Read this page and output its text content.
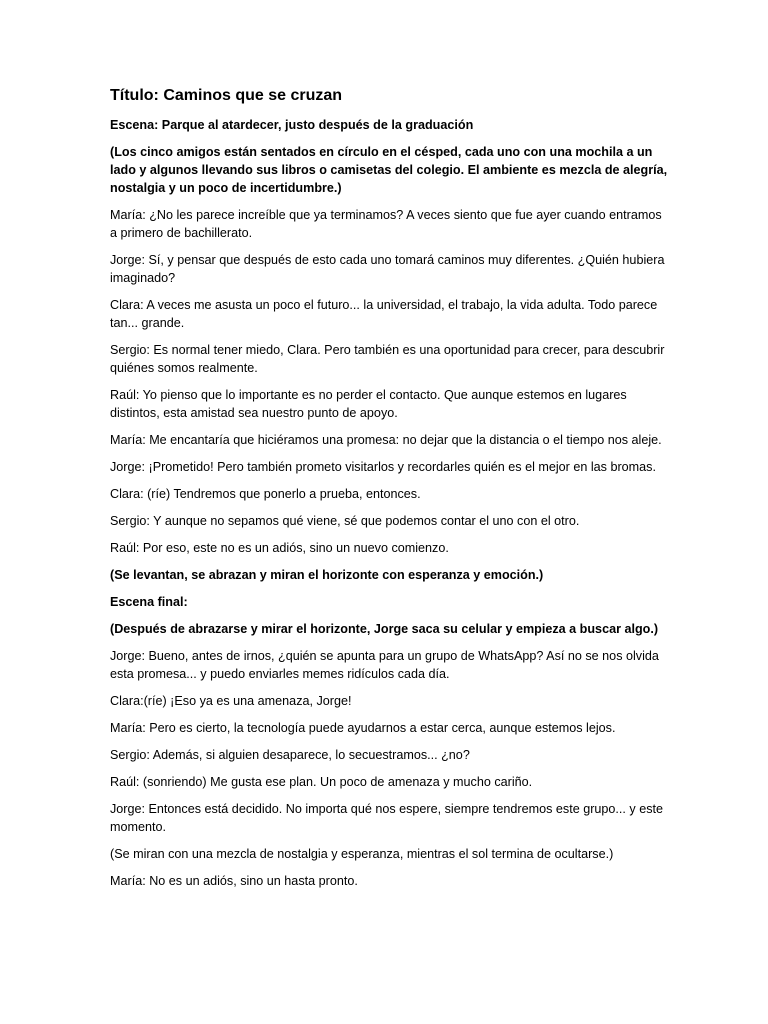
Título: Caminos que se cruzan

Escena: Parque al atardecer, justo después de la graduación

(Los cinco amigos están sentados en círculo en el césped, cada uno con una mochila a un lado y algunos llevando sus libros o camisetas del colegio. El ambiente es mezcla de alegría, nostalgia y un poco de incertidumbre.)

María: ¿No les parece increíble que ya terminamos? A veces siento que fue ayer cuando entramos a primero de bachillerato.

Jorge: Sí, y pensar que después de esto cada uno tomará caminos muy diferentes. ¿Quién hubiera imaginado?

Clara: A veces me asusta un poco el futuro... la universidad, el trabajo, la vida adulta. Todo parece tan... grande.

Sergio: Es normal tener miedo, Clara. Pero también es una oportunidad para crecer, para descubrir quiénes somos realmente.

Raúl: Yo pienso que lo importante es no perder el contacto. Que aunque estemos en lugares distintos, esta amistad sea nuestro punto de apoyo.

María: Me encantaría que hiciéramos una promesa: no dejar que la distancia o el tiempo nos aleje.

Jorge: ¡Prometido! Pero también prometo visitarlos y recordarles quién es el mejor en las bromas.

Clara: (ríe) Tendremos que ponerlo a prueba, entonces.

Sergio: Y aunque no sepamos qué viene, sé que podemos contar el uno con el otro.

Raúl: Por eso, este no es un adiós, sino un nuevo comienzo.

(Se levantan, se abrazan y miran el horizonte con esperanza y emoción.)

Escena final:

(Después de abrazarse y mirar el horizonte, Jorge saca su celular y empieza a buscar algo.)

Jorge: Bueno, antes de irnos, ¿quién se apunta para un grupo de WhatsApp? Así no se nos olvida esta promesa... y puedo enviarles memes ridículos cada día.

Clara:(ríe) ¡Eso ya es una amenaza, Jorge!

María: Pero es cierto, la tecnología puede ayudarnos a estar cerca, aunque estemos lejos.

Sergio: Además, si alguien desaparece, lo secuestramos... ¿no?

Raúl: (sonriendo) Me gusta ese plan. Un poco de amenaza y mucho cariño.

Jorge: Entonces está decidido. No importa qué nos espere, siempre tendremos este grupo... y este momento.

(Se miran con una mezcla de nostalgia y esperanza, mientras el sol termina de ocultarse.)

María: No es un adiós, sino un hasta pronto.
